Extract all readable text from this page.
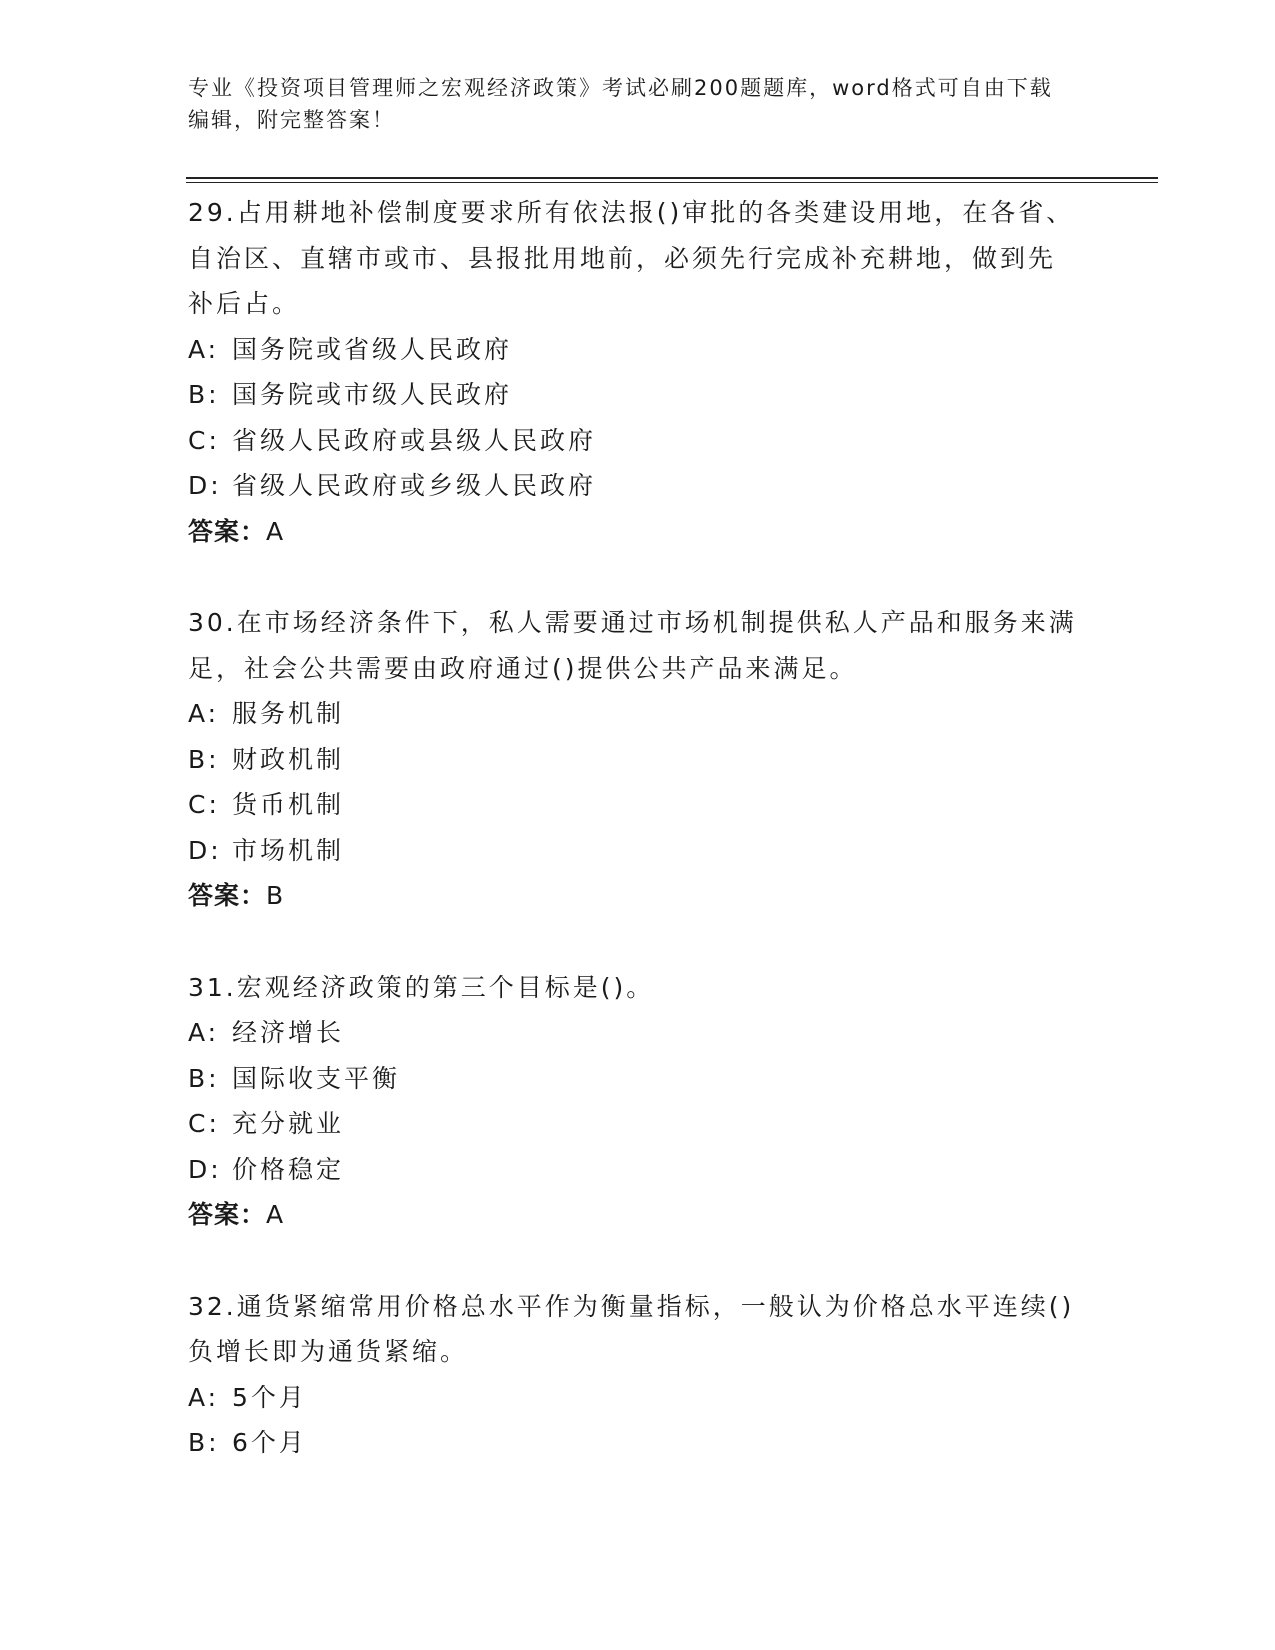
专业《投资项目管理师之宏观经济政策》考试必刷200题题库，word格式可自由下载编辑，附完整答案！
29.占用耕地补偿制度要求所有依法报()审批的各类建设用地，在各省、自治区、直辖市或市、县报批用地前，必须先行完成补充耕地，做到先补后占。
A: 国务院或省级人民政府
B: 国务院或市级人民政府
C: 省级人民政府或县级人民政府
D: 省级人民政府或乡级人民政府
答案：A
30.在市场经济条件下，私人需要通过市场机制提供私人产品和服务来满足，社会公共需要由政府通过()提供公共产品来满足。
A: 服务机制
B: 财政机制
C: 货币机制
D: 市场机制
答案：B
31.宏观经济政策的第三个目标是()。
A: 经济增长
B: 国际收支平衡
C: 充分就业
D: 价格稳定
答案：A
32.通货紧缩常用价格总水平作为衡量指标，一般认为价格总水平连续()负增长即为通货紧缩。
A: 5个月
B: 6个月
